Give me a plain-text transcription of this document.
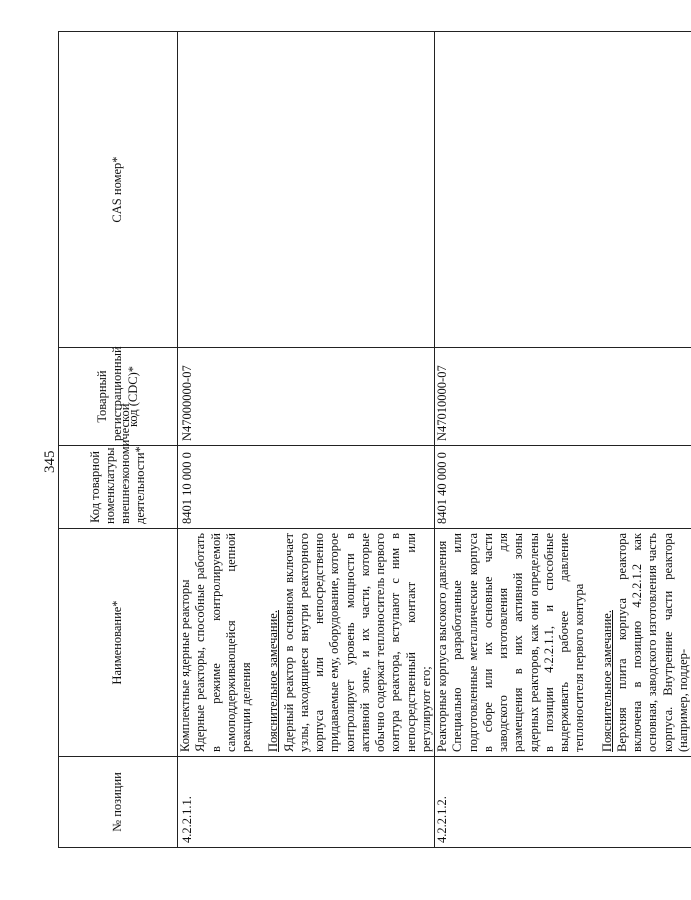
345
№ позиции	Наименование*	Код товарной номенклатуры внешнеэкономической деятельности*	Товарный регистрационный код (CDC)*	CAS номер*
4.2.2.1.1.	Комплектные ядерные реакторы Ядерные реакторы, способные работать в режиме контролируемой самоподдерживающейся цепной реакции деления Пояснительное замечание. Ядерный реактор в основном включает узлы, находящиеся внутри реакторного корпуса или непосредственно придаваемые ему, оборудование, которое контролирует уровень мощности в активной зоне, и их части, которые обычно содержат теплоноситель первого контура реактора, вступают с ним в непосредственный контакт или регулируют его;	8401 10 000 0	N47000000-07	
4.2.2.1.2.	Реакторные корпуса высокого давления Специально разработанные или подготовленные металлические корпуса в сборе или их основные части заводского изготовления для размещения в них активной зоны ядерных реакторов, как они определены в позиции 4.2.2.1.1, и способные выдерживать рабочее давление теплоносителя первого контура Пояснительное замечание. Верхняя плита корпуса реактора включена в позицию 4.2.2.1.2 как основная, заводского изготовления часть корпуса. Внутренние части реактора (например, поддер-	8401 40 000 0	N47010000-07	
